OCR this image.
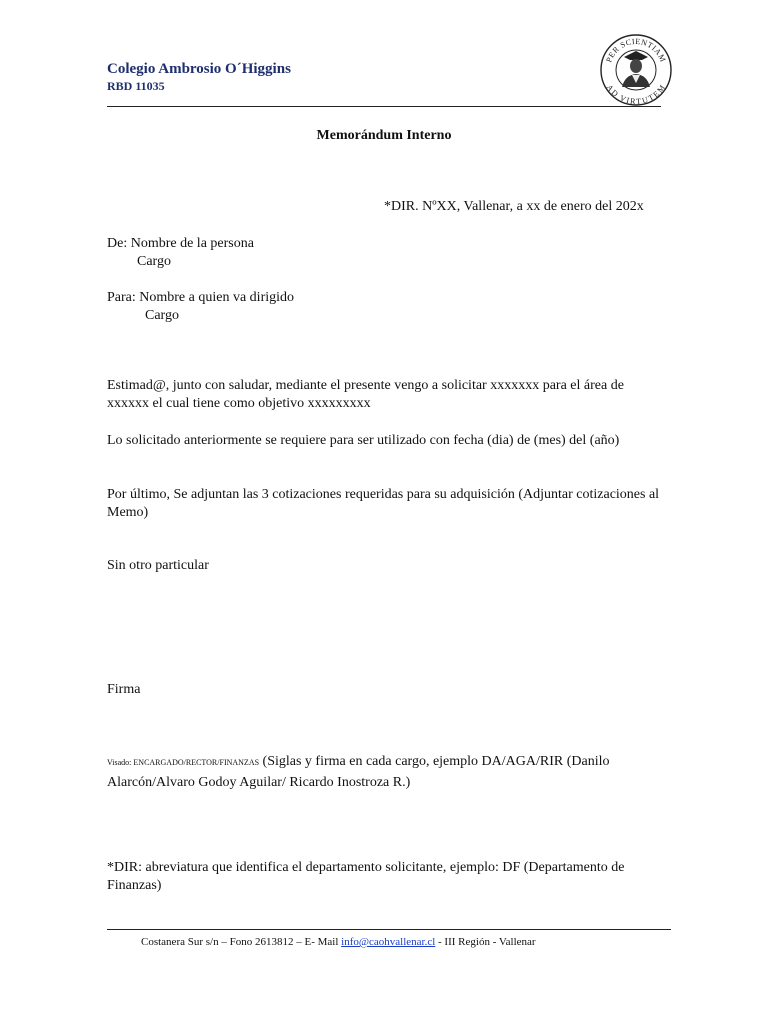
Colegio Ambrosio O´Higgins
RBD 11035
PER SCIENTIAM
AD VIRTUTEM
Memorándum Interno
*DIR. NºXX, Vallenar, a xx de enero del 202x
De: Nombre de la persona
Cargo
Para: Nombre a quien va dirigido
Cargo
Estimad@, junto con saludar, mediante el presente vengo a solicitar xxxxxxx para el área de xxxxxx el cual tiene como objetivo xxxxxxxxx
Lo solicitado anteriormente se requiere para ser utilizado con fecha (dia) de (mes) del (año)
Por último, Se adjuntan las 3 cotizaciones requeridas para su adquisición (Adjuntar cotizaciones al Memo)
Sin otro particular
Firma
Visado: ENCARGADO/RECTOR/FINANZAS (Siglas y firma en cada cargo, ejemplo DA/AGA/RIR (Danilo Alarcón/Alvaro Godoy Aguilar/ Ricardo Inostroza R.)
*DIR: abreviatura que identifica el departamento solicitante, ejemplo: DF (Departamento de Finanzas)
Costanera Sur s/n – Fono 2613812 – E- Mail info@caohvallenar.cl - III Región - Vallenar
